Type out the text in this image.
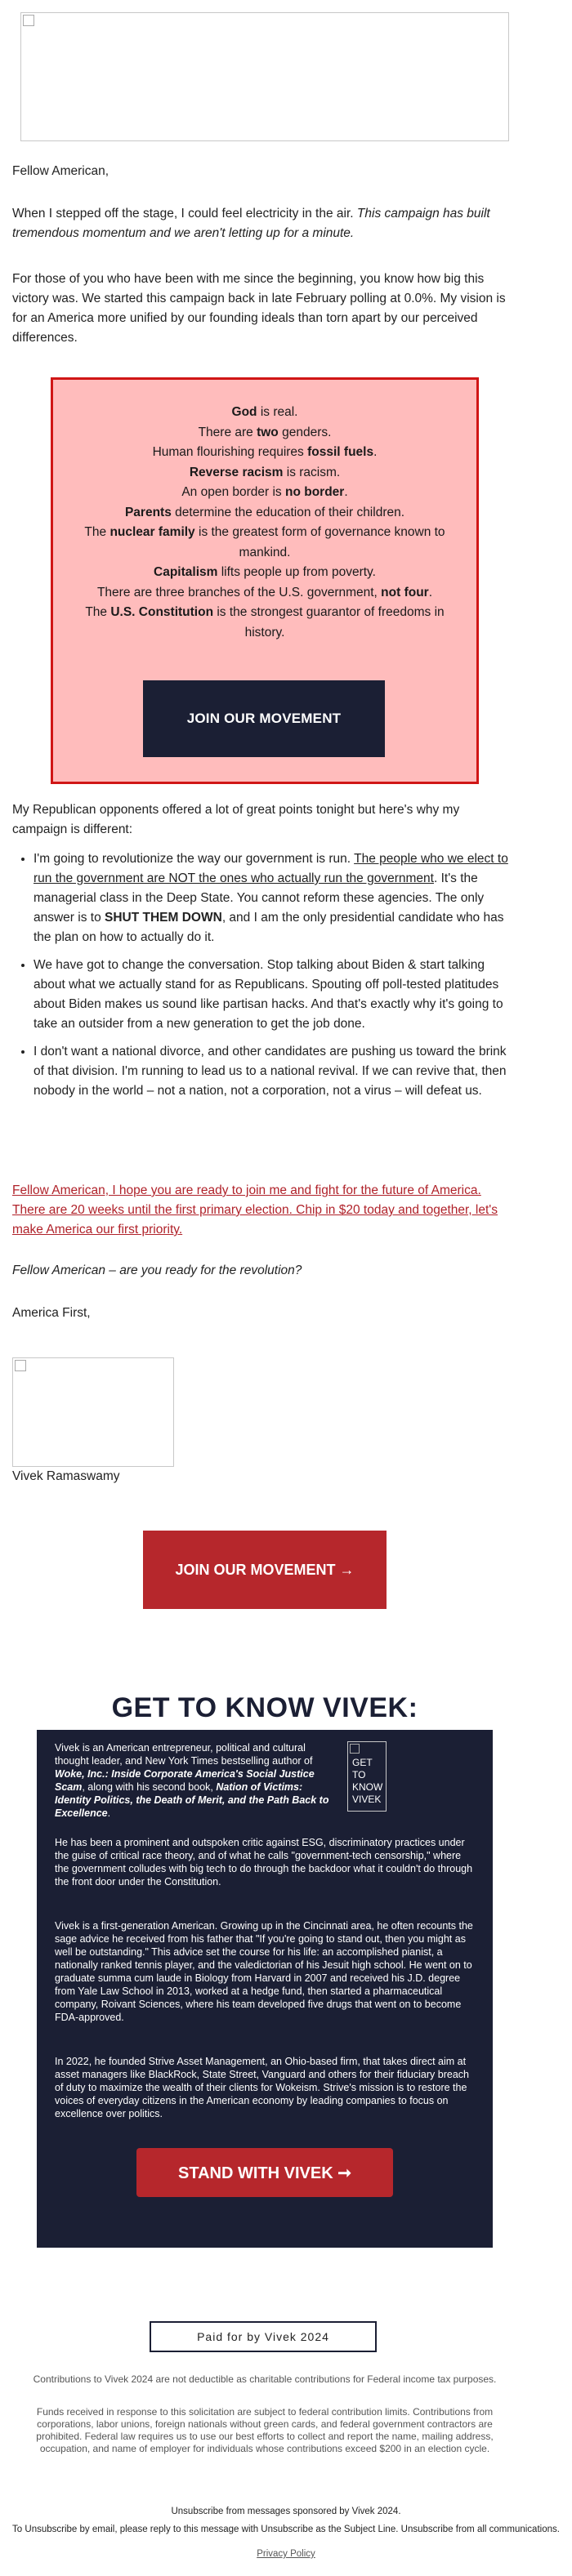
Fellow American,

When I stepped off the stage, I could feel electricity in the air. This campaign has built tremendous momentum and we aren't letting up for a minute.

For those of you who have been with me since the beginning, you know how big this victory was. We started this campaign back in late February polling at 0.0%. My vision is for an America more unified by our founding ideals than torn apart by our perceived differences.

God is real.
There are two genders.
Human flourishing requires fossil fuels.
Reverse racism is racism.
An open border is no border.
Parents determine the education of their children.
The nuclear family is the greatest form of governance known to mankind.
Capitalism lifts people up from poverty.
There are three branches of the U.S. government, not four.
The U.S. Constitution is the strongest guarantor of freedoms in history.
JOIN OUR MOVEMENT

My Republican opponents offered a lot of great points tonight but here's why my campaign is different:

• I'm going to revolutionize the way our government is run. The people who we elect to run the government are NOT the ones who actually run the government. It's the managerial class in the Deep State. You cannot reform these agencies. The only answer is to SHUT THEM DOWN, and I am the only presidential candidate who has the plan on how to actually do it.
• We have got to change the conversation. Stop talking about Biden & start talking about what we actually stand for as Republicans. Spouting off poll-tested platitudes about Biden makes us sound like partisan hacks. And that's exactly why it's going to take an outsider from a new generation to get the job done.
• I don't want a national divorce, and other candidates are pushing us toward the brink of that division. I'm running to lead us to a national revival. If we can revive that, then nobody in the world – not a nation, not a corporation, not a virus – will defeat us.

Fellow American, I hope you are ready to join me and fight for the future of America. There are 20 weeks until the first primary election. Chip in $20 today and together, let's make America our first priority.

Fellow American – are you ready for the revolution?

America First,

Vivek Ramaswamy

JOIN OUR MOVEMENT →
GET TO KNOW VIVEK:

Vivek is an American entrepreneur, political and cultural thought leader, and New York Times bestselling author of Woke, Inc.: Inside Corporate America's Social Justice Scam, along with his second book, Nation of Victims: Identity Politics, the Death of Merit, and the Path Back to Excellence.

GET TO KNOW VIVEK

He has been a prominent and outspoken critic against ESG, discriminatory practices under the guise of critical race theory, and of what he calls "government-tech censorship," where the government colludes with big tech to do through the backdoor what it couldn't do through the front door under the Constitution.

Vivek is a first-generation American. Growing up in the Cincinnati area, he often recounts the sage advice he received from his father that "If you're going to stand out, then you might as well be outstanding." This advice set the course for his life: an accomplished pianist, a nationally ranked tennis player, and the valedictorian of his Jesuit high school. He went on to graduate summa cum laude in Biology from Harvard in 2007 and received his J.D. degree from Yale Law School in 2013, worked at a hedge fund, then started a pharmaceutical company, Roivant Sciences, where his team developed five drugs that went on to become FDA-approved.

In 2022, he founded Strive Asset Management, an Ohio-based firm, that takes direct aim at asset managers like BlackRock, State Street, Vanguard and others for their fiduciary breach of duty to maximize the wealth of their clients for Wokeism. Strive's mission is to restore the voices of everyday citizens in the American economy by leading companies to focus on excellence over politics.

STAND WITH VIVEK ➞
Paid for by Vivek 2024
Contributions to Vivek 2024 are not deductible as charitable contributions for Federal income tax purposes.
Funds received in response to this solicitation are subject to federal contribution limits. Contributions from corporations, labor unions, foreign nationals without green cards, and federal government contractors are prohibited. Federal law requires us to use our best efforts to collect and report the name, mailing address, occupation, and name of employer for individuals whose contributions exceed $200 in an election cycle.
Unsubscribe from messages sponsored by Vivek 2024.
To Unsubscribe by email, please reply to this message with Unsubscribe as the Subject Line. Unsubscribe from all communications.
Privacy Policy
